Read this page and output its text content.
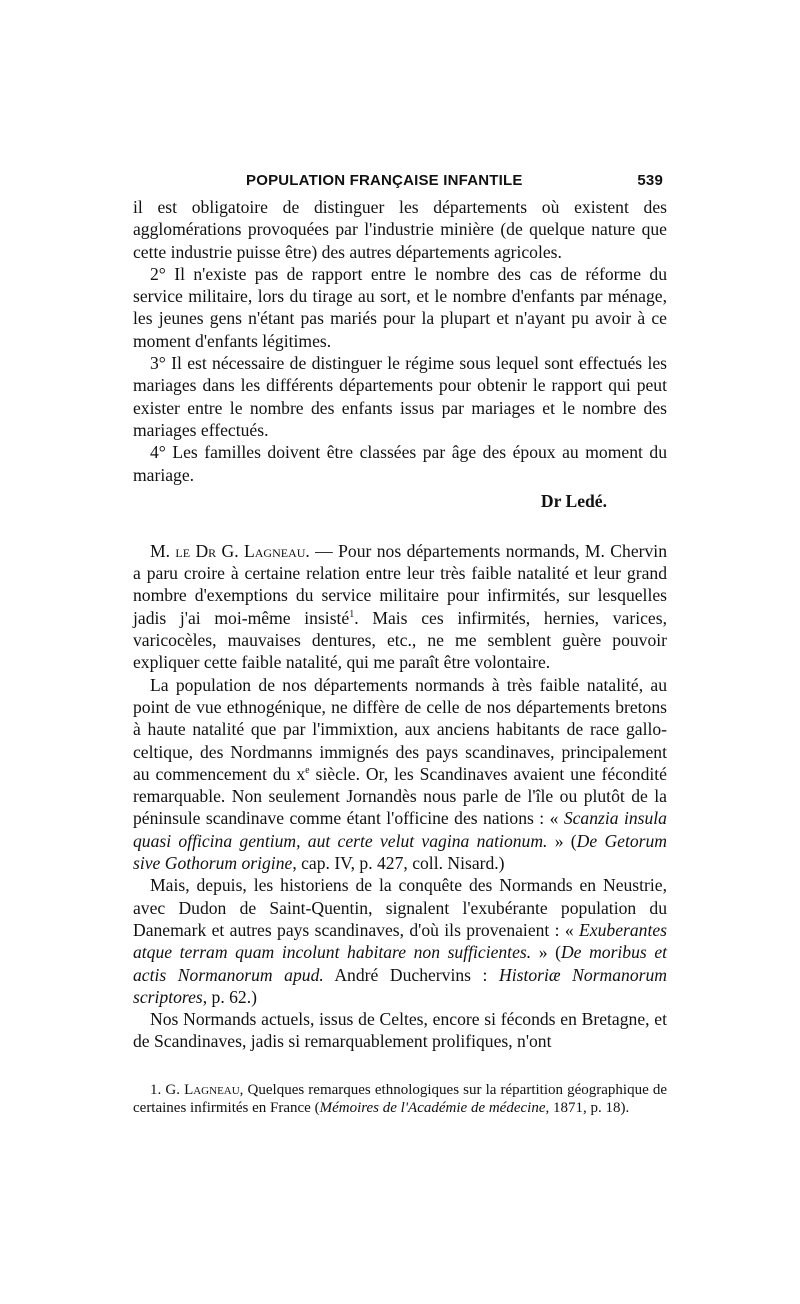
POPULATION FRANÇAISE INFANTILE	539

il est obligatoire de distinguer les départements où existent des agglomérations provoquées par l'industrie minière (de quelque nature que cette industrie puisse être) des autres départements agricoles.

2° Il n'existe pas de rapport entre le nombre des cas de réforme du service militaire, lors du tirage au sort, et le nombre d'enfants par ménage, les jeunes gens n'étant pas mariés pour la plupart et n'ayant pu avoir à ce moment d'enfants légitimes.

3° Il est nécessaire de distinguer le régime sous lequel sont effectués les mariages dans les différents départements pour obtenir le rapport qui peut exister entre le nombre des enfants issus par mariages et le nombre des mariages effectués.

4° Les familles doivent être classées par âge des époux au moment du mariage.

Dr Ledé.

M. le Dr G. Lagneau. — Pour nos départements normands, M. Chervin a paru croire à certaine relation entre leur très faible natalité et leur grand nombre d'exemptions du service militaire pour infirmités, sur lesquelles jadis j'ai moi-même insisté$^1$. Mais ces infirmités, hernies, varices, varicocèles, mauvaises dentures, etc., ne me semblent guère pouvoir expliquer cette faible natalité, qui me paraît être volontaire.

La population de nos départements normands à très faible natalité, au point de vue ethnogénique, ne diffère de celle de nos départements bretons à haute natalité que par l'immixtion, aux anciens habitants de race gallo-celtique, des Nordmanns immignés des pays scandinaves, principalement au commencement du $x^e$ siècle. Or, les Scandinaves avaient une fécondité remarquable. Non seulement Jornandès nous parle de l'île ou plutôt de la péninsule scandinave comme étant l'officine des nations : « Scanzia insula quasi officina gentium, aut certe velut vagina nationum. » (De Getorum sive Gothorum origine, cap. IV, p. 427, coll. Nisard.)

Mais, depuis, les historiens de la conquête des Normands en Neustrie, avec Dudon de Saint-Quentin, signalent l'exubérante population du Danemark et autres pays scandinaves, d'où ils provenaient : « Exuberantes atque terram quam incolunt habitare non sufficientes. » (De moribus et actis Normanorum apud. André Duchervins : Historiæ Normanorum scriptores, p. 62.)

Nos Normands actuels, issus de Celtes, encore si féconds en Bretagne, et de Scandinaves, jadis si remarquablement prolifiques, n'ont

1. G. Lagneau, Quelques remarques ethnologiques sur la répartition géographique de certaines infirmités en France (Mémoires de l'Académie de médecine, 1871, p. 18).
